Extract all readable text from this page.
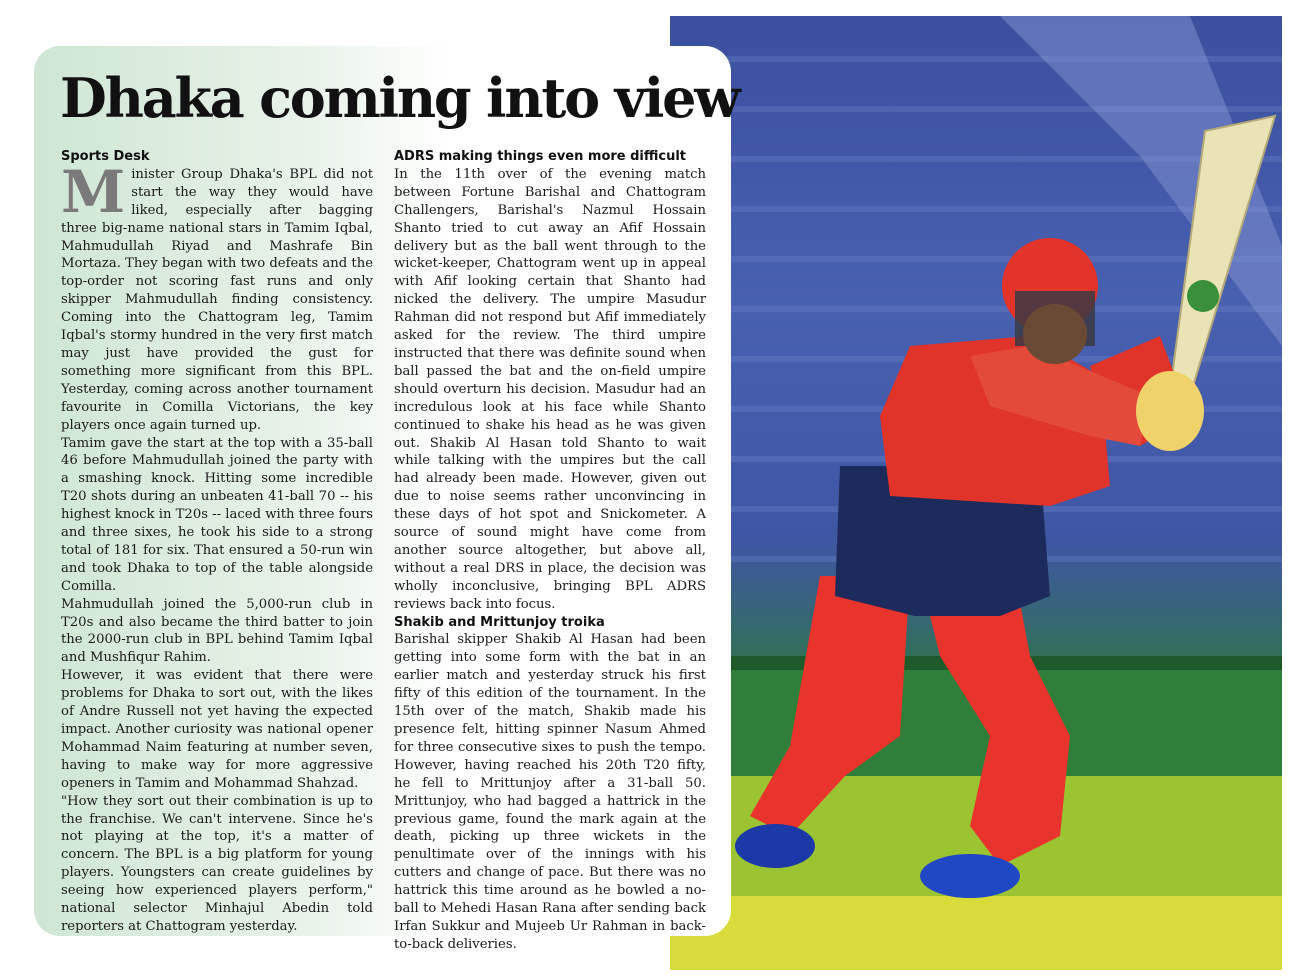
Dhaka coming into view
Sports Desk

Minister Group Dhaka's BPL did not start the way they would have liked, especially after bagging three big-name national stars in Tamim Iqbal, Mahmudullah Riyad and Mashrafe Bin Mortaza. They began with two defeats and the top-order not scoring fast runs and only skipper Mahmudullah finding consistency. Coming into the Chattogram leg, Tamim Iqbal's stormy hundred in the very first match may just have provided the gust for something more significant from this BPL. Yesterday, coming across another tournament favourite in Comilla Victorians, the key players once again turned up.

Tamim gave the start at the top with a 35-ball 46 before Mahmudullah joined the party with a smashing knock. Hitting some incredible T20 shots during an unbeaten 41-ball 70 -- his highest knock in T20s -- laced with three fours and three sixes, he took his side to a strong total of 181 for six. That ensured a 50-run win and took Dhaka to top of the table alongside Comilla.

Mahmudullah joined the 5,000-run club in T20s and also became the third batter to join the 2000-run club in BPL behind Tamim Iqbal and Mushfiqur Rahim.

However, it was evident that there were problems for Dhaka to sort out, with the likes of Andre Russell not yet having the expected impact. Another curiosity was national opener Mohammad Naim featuring at number seven, having to make way for more aggressive openers in Tamim and Mohammad Shahzad.

"How they sort out their combination is up to the franchise. We can't intervene. Since he's not playing at the top, it's a matter of concern. The BPL is a big platform for young players. Youngsters can create guidelines by seeing how experienced players perform," national selector Minhajul Abedin told reporters at Chattogram yesterday.

ADRS making things even more difficult

In the 11th over of the evening match between Fortune Barishal and Chattogram Challengers, Barishal's Nazmul Hossain Shanto tried to cut away an Afif Hossain delivery but as the ball went through to the wicket-keeper, Chattogram went up in appeal with Afif looking certain that Shanto had nicked the delivery. The umpire Masudur Rahman did not respond but Afif immediately asked for the review. The third umpire instructed that there was definite sound when ball passed the bat and the on-field umpire should overturn his decision. Masudur had an incredulous look at his face while Shanto continued to shake his head as he was given out. Shakib Al Hasan told Shanto to wait while talking with the umpires but the call had already been made. However, given out due to noise seems rather unconvincing in these days of hot spot and Snickometer. A source of sound might have come from another source altogether, but above all, without a real DRS in place, the decision was wholly inconclusive, bringing BPL ADRS reviews back into focus.

Shakib and Mrittunjoy troika

Barishal skipper Shakib Al Hasan had been getting into some form with the bat in an earlier match and yesterday struck his first fifty of this edition of the tournament. In the 15th over of the match, Shakib made his presence felt, hitting spinner Nasum Ahmed for three consecutive sixes to push the tempo. However, having reached his 20th T20 fifty, he fell to Mrittunjoy after a 31-ball 50. Mrittunjoy, who had bagged a hattrick in the previous game, found the mark again at the death, picking up three wickets in the penultimate over of the innings with his cutters and change of pace. But there was no hattrick this time around as he bowled a no-ball to Mehedi Hasan Rana after sending back Irfan Sukkur and Mujeeb Ur Rahman in back-to-back deliveries.
